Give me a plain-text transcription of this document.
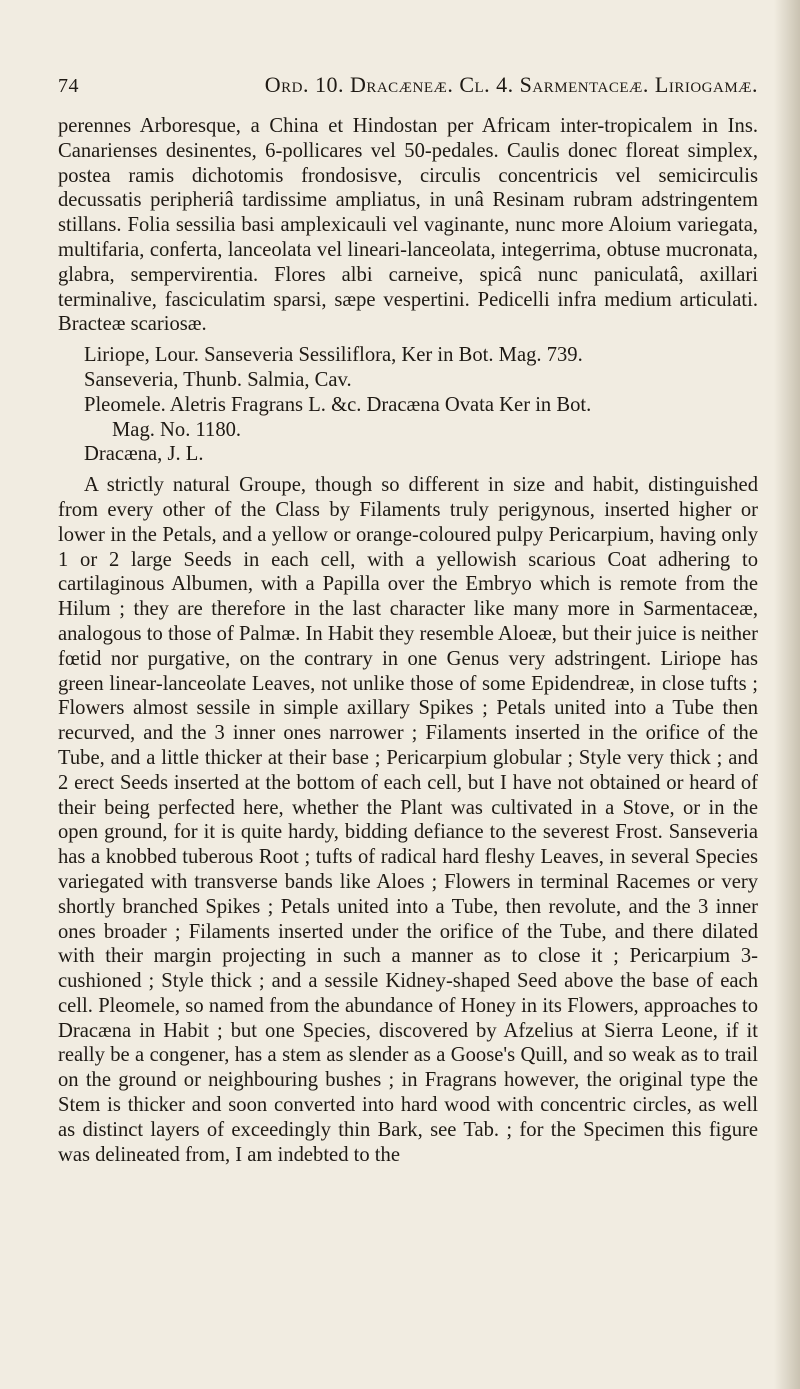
74	Ord. 10. Dracæneæ. Cl. 4. Sarmentaceæ. Liriogamæ.

perennes Arboresque, a China et Hindostan per Africam inter-tropicalem in Ins. Canarienses desinentes, 6-pollicares vel 50-pedales. Caulis donec floreat simplex, postea ramis dichotomis frondosisve, circulis concentricis vel semicirculis decussatis peripheriâ tardissime ampliatus, in unâ Resinam rubram adstringentem stillans. Folia sessilia basi amplexicauli vel vaginante, nunc more Aloium variegata, multifaria, conferta, lanceolata vel lineari-lanceolata, integerrima, obtuse mucronata, glabra, sempervirentia. Flores albi carneive, spicâ nunc paniculatâ, axillari terminalive, fasciculatim sparsi, sæpe vespertini. Pedicelli infra medium articulati. Bracteæ scariosæ.

Liriope, Lour. Sanseveria Sessiliflora, Ker in Bot. Mag. 739.
Sanseveria, Thunb. Salmia, Cav.
Pleomele. Aletris Fragrans L. &c. Dracæna Ovata Ker in Bot.
Mag. No. 1180.
Dracæna, J. L.

A strictly natural Groupe, though so different in size and habit, distinguished from every other of the Class by Filaments truly perigynous, inserted higher or lower in the Petals, and a yellow or orange-coloured pulpy Pericarpium, having only 1 or 2 large Seeds in each cell, with a yellowish scarious Coat adhering to cartilaginous Albumen, with a Papilla over the Embryo which is remote from the Hilum ; they are therefore in the last character like many more in Sarmentaceæ, analogous to those of Palmæ. In Habit they resemble Aloeæ, but their juice is neither fœtid nor purgative, on the contrary in one Genus very adstringent. Liriope has green linear-lanceolate Leaves, not unlike those of some Epidendreæ, in close tufts ; Flowers almost sessile in simple axillary Spikes ; Petals united into a Tube then recurved, and the 3 inner ones narrower ; Filaments inserted in the orifice of the Tube, and a little thicker at their base ; Pericarpium globular ; Style very thick ; and 2 erect Seeds inserted at the bottom of each cell, but I have not obtained or heard of their being perfected here, whether the Plant was cultivated in a Stove, or in the open ground, for it is quite hardy, bidding defiance to the severest Frost. Sanseveria has a knobbed tuberous Root ; tufts of radical hard fleshy Leaves, in several Species variegated with transverse bands like Aloes ; Flowers in terminal Racemes or very shortly branched Spikes ; Petals united into a Tube, then revolute, and the 3 inner ones broader ; Filaments inserted under the orifice of the Tube, and there dilated with their margin projecting in such a manner as to close it ; Pericarpium 3-cushioned ; Style thick ; and a sessile Kidney-shaped Seed above the base of each cell. Pleomele, so named from the abundance of Honey in its Flowers, approaches to Dracæna in Habit ; but one Species, discovered by Afzelius at Sierra Leone, if it really be a congener, has a stem as slender as a Goose's Quill, and so weak as to trail on the ground or neighbouring bushes ; in Fragrans however, the original type the Stem is thicker and soon converted into hard wood with concentric circles, as well as distinct layers of exceedingly thin Bark, see Tab. ; for the Specimen this figure was delineated from, I am indebted to the
